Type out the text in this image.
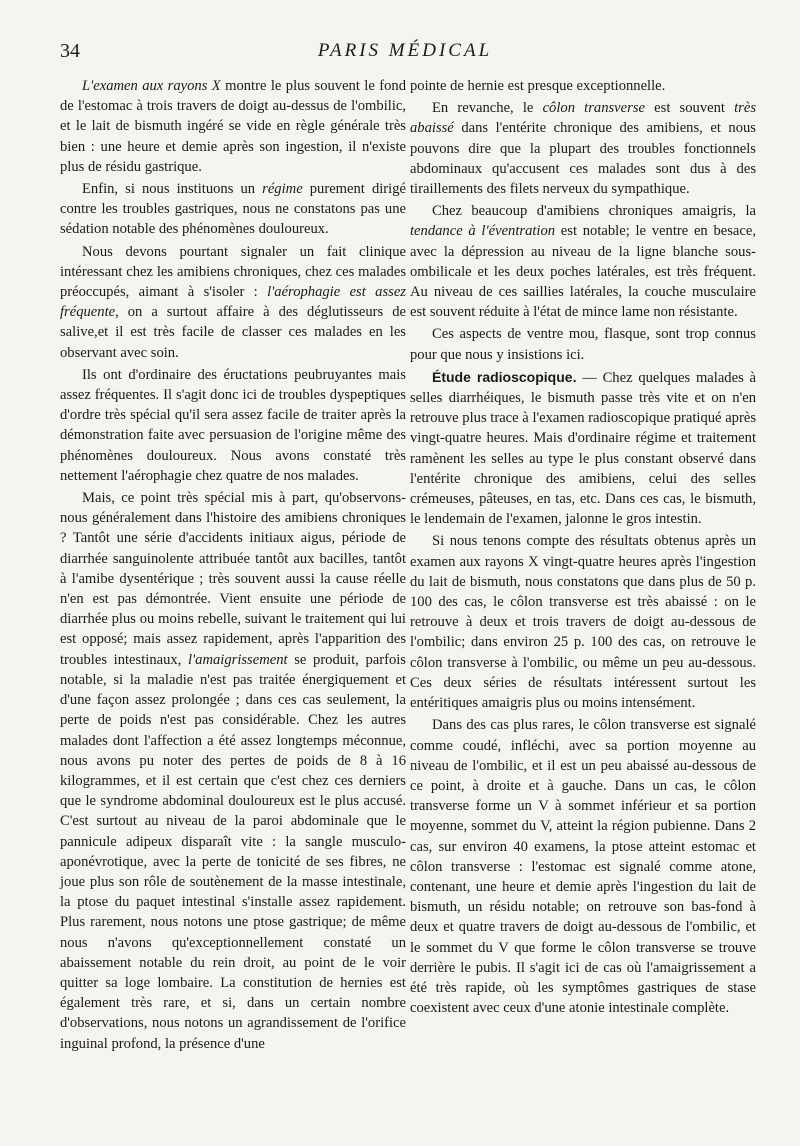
34	PARIS MÉDICAL

L'examen aux rayons X montre le plus souvent le fond de l'estomac à trois travers de doigt au-dessus de l'ombilic, et le lait de bismuth ingéré se vide en règle générale très bien : une heure et demie après son ingestion, il n'existe plus de résidu gastrique.

Enfin, si nous instituons un régime purement dirigé contre les troubles gastriques, nous ne constatons pas une sédation notable des phénomènes douloureux.

Nous devons pourtant signaler un fait clinique intéressant chez les amibiens chroniques, chez ces malades préoccupés, aimant à s'isoler : l'aérophagie est assez fréquente, on a surtout affaire à des déglutisseurs de salive,et il est très facile de classer ces malades en les observant avec soin.

Ils ont d'ordinaire des éructations peubruyantes mais assez fréquentes. Il s'agit donc ici de troubles dyspeptiques d'ordre très spécial qu'il sera assez facile de traiter après la démonstration faite avec persuasion de l'origine même des phénomènes douloureux. Nous avons constaté très nettement l'aérophagie chez quatre de nos malades.

Mais, ce point très spécial mis à part, qu'observons-nous généralement dans l'histoire des amibiens chroniques ? Tantôt une série d'accidents initiaux aigus, période de diarrhée sanguinolente attribuée tantôt aux bacilles, tantôt à l'amibe dysentérique ; très souvent aussi la cause réelle n'en est pas démontrée. Vient ensuite une période de diarrhée plus ou moins rebelle, suivant le traitement qui lui est opposé; mais assez rapidement, après l'apparition des troubles intestinaux, l'amaigrissement se produit, parfois notable, si la maladie n'est pas traitée énergiquement et d'une façon assez prolongée ; dans ces cas seulement, la perte de poids n'est pas considérable. Chez les autres malades dont l'affection a été assez longtemps méconnue, nous avons pu noter des pertes de poids de 8 à 16 kilogrammes, et il est certain que c'est chez ces derniers que le syndrome abdominal douloureux est le plus accusé. C'est surtout au niveau de la paroi abdominale que le pannicule adipeux disparaît vite : la sangle musculo-aponévrotique, avec la perte de tonicité de ses fibres, ne joue plus son rôle de soutènement de la masse intestinale, la ptose du paquet intestinal s'installe assez rapidement. Plus rarement, nous notons une ptose gastrique; de même nous n'avons qu'exceptionnellement constaté un abaissement notable du rein droit, au point de le voir quitter sa loge lombaire. La constitution de hernies est également très rare, et si, dans un certain nombre d'observations, nous notons un agrandissement de l'orifice inguinal profond, la présence d'une

pointe de hernie est presque exceptionnelle.

En revanche, le côlon transverse est souvent très abaissé dans l'entérite chronique des amibiens, et nous pouvons dire que la plupart des troubles fonctionnels abdominaux qu'accusent ces malades sont dus à des tiraillements des filets nerveux du sympathique.

Chez beaucoup d'amibiens chroniques amaigris, la tendance à l'éventration est notable; le ventre en besace, avec la dépression au niveau de la ligne blanche sous-ombilicale et les deux poches latérales, est très fréquent. Au niveau de ces saillies latérales, la couche musculaire est souvent réduite à l'état de mince lame non résistante.

Ces aspects de ventre mou, flasque, sont trop connus pour que nous y insistions ici.

Étude radioscopique. — Chez quelques malades à selles diarrhéiques, le bismuth passe très vite et on n'en retrouve plus trace à l'examen radioscopique pratiqué après vingt-quatre heures. Mais d'ordinaire régime et traitement ramènent les selles au type le plus constant observé dans l'entérite chronique des amibiens, celui des selles crémeuses, pâteuses, en tas, etc. Dans ces cas, le bismuth, le lendemain de l'examen, jalonne le gros intestin.

Si nous tenons compte des résultats obtenus après un examen aux rayons X vingt-quatre heures après l'ingestion du lait de bismuth, nous constatons que dans plus de 50 p. 100 des cas, le côlon transverse est très abaissé : on le retrouve à deux et trois travers de doigt au-dessous de l'ombilic; dans environ 25 p. 100 des cas, on retrouve le côlon transverse à l'ombilic, ou même un peu au-dessous. Ces deux séries de résultats intéressent surtout les entéritiques amaigris plus ou moins intensément.

Dans des cas plus rares, le côlon transverse est signalé comme coudé, infléchi, avec sa portion moyenne au niveau de l'ombilic, et il est un peu abaissé au-dessous de ce point, à droite et à gauche. Dans un cas, le côlon transverse forme un V à sommet inférieur et sa portion moyenne, sommet du V, atteint la région pubienne. Dans 2 cas, sur environ 40 examens, la ptose atteint estomac et côlon transverse : l'estomac est signalé comme atone, contenant, une heure et demie après l'ingestion du lait de bismuth, un résidu notable; on retrouve son bas-fond à deux et quatre travers de doigt au-dessous de l'ombilic, et le sommet du V que forme le côlon transverse se trouve derrière le pubis. Il s'agit ici de cas où l'amaigrissement a été très rapide, où les symptômes gastriques de stase coexistent avec ceux d'une atonie intestinale complète.
